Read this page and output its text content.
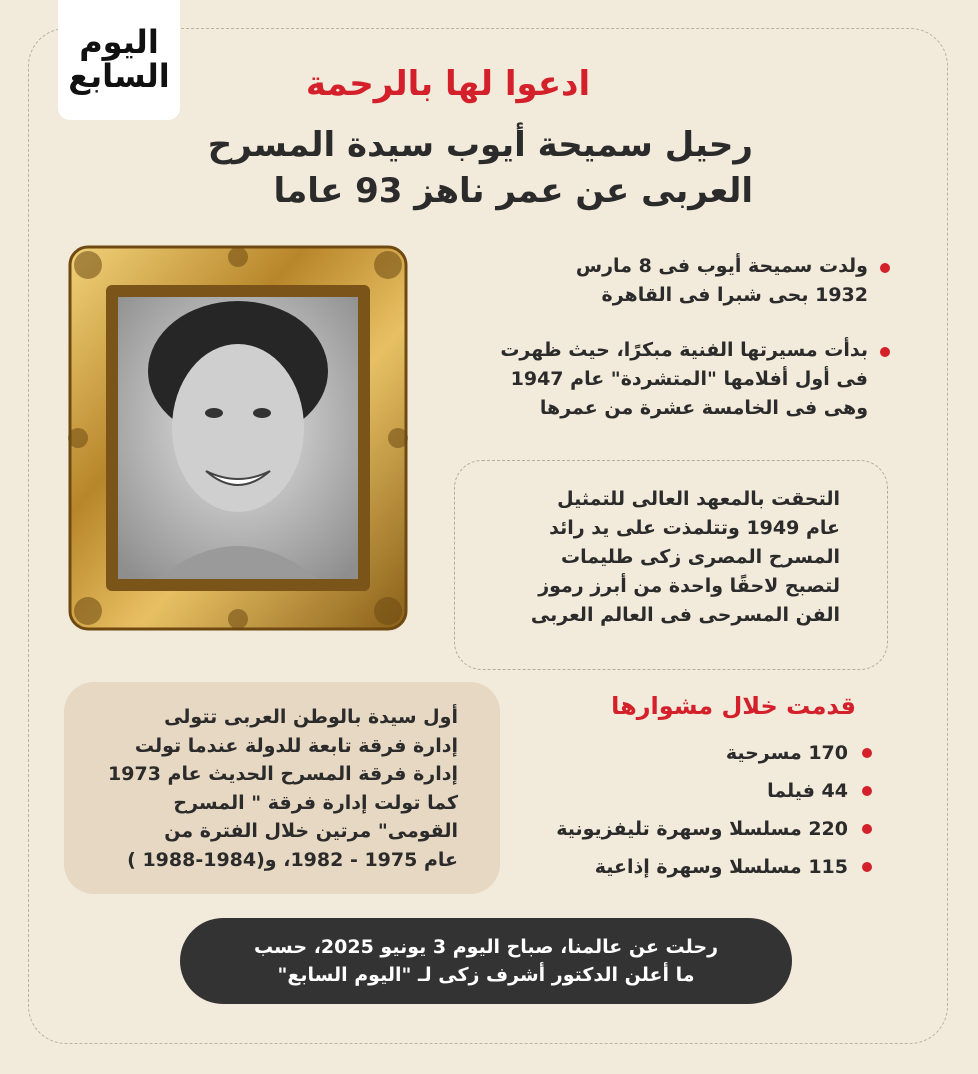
اليوم
السابع	ادعوا لها بالرحمة
رحيل سميحة أيوب سيدة المسرح
العربى عن عمر ناهز 93 عاما
ولدت سميحة أيوب فى 8 مارس
1932 بحى شبرا فى القاهرة
بدأت مسيرتها الفنية مبكرًا، حيث ظهرت
فى أول أفلامها "المتشردة" عام 1947
وهى فى الخامسة عشرة من عمرها
التحقت بالمعهد العالى للتمثيل
عام 1949 وتتلمذت على يد رائد
المسرح المصرى زكى طليمات
لتصبح لاحقًا واحدة من أبرز رموز
الفن المسرحى فى العالم العربى
أول سيدة بالوطن العربى تتولى
إدارة فرقة تابعة للدولة عندما تولت
إدارة فرقة المسرح الحديث عام 1973
كما تولت إدارة فرقة " المسرح
القومى" مرتين خلال الفترة من
عام 1975 - 1982، و(1984-1988 )
قدمت خلال مشوارها
170 مسرحية
44 فيلما
220 مسلسلا وسهرة تليفزيونية
115 مسلسلا وسهرة إذاعية
رحلت عن عالمنا، صباح اليوم 3 يونيو 2025، حسب
ما أعلن الدكتور أشرف زكى لـ "اليوم السابع"
